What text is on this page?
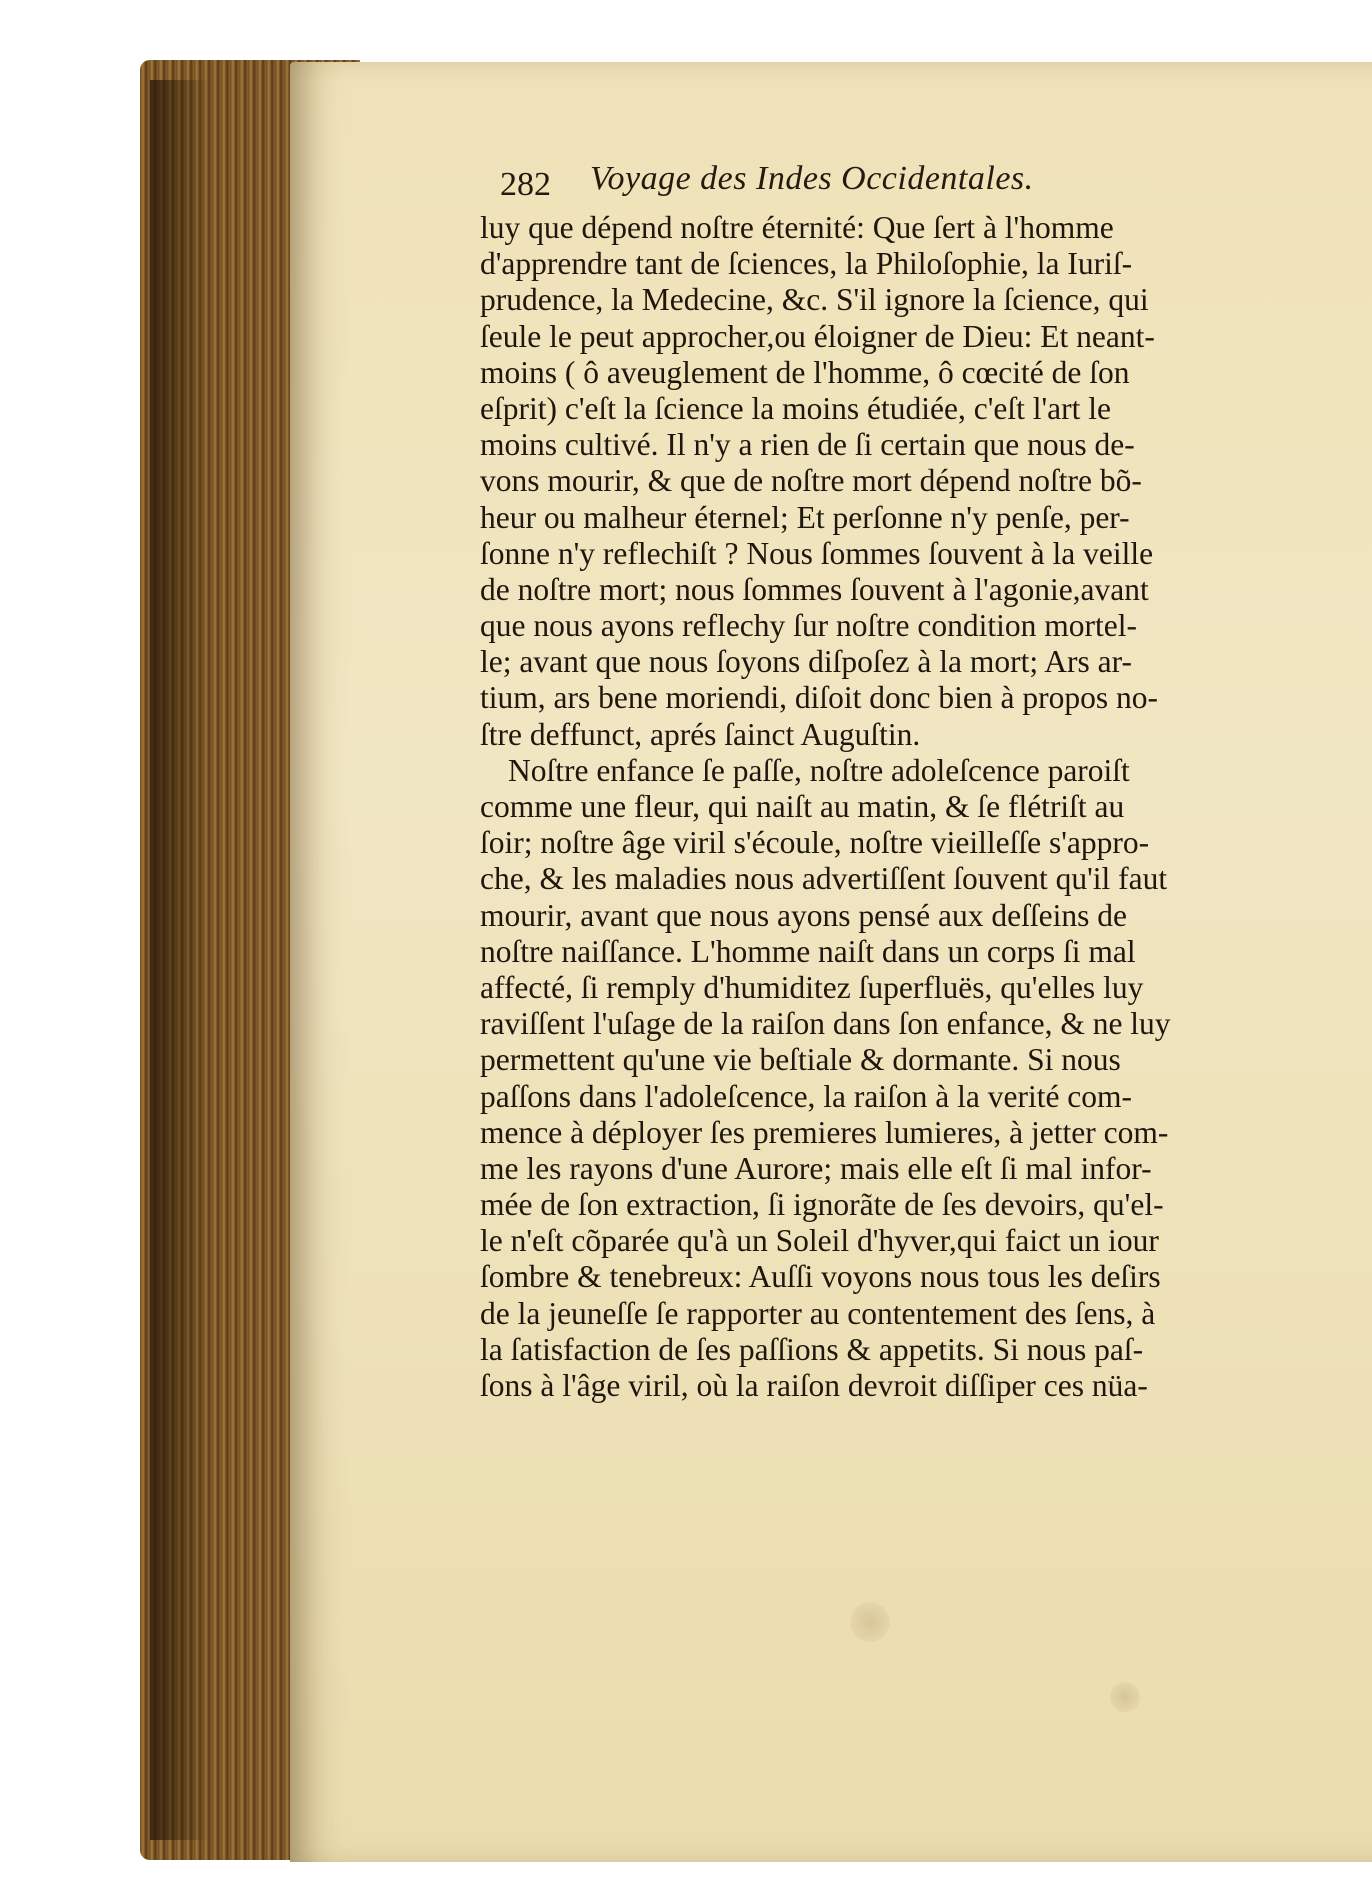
282 Voyage des Indes Occidentales.
luy que dépend noſtre éternité: Que ſert à l'homme
d'apprendre tant de ſciences, la Philoſophie, la Iuriſ-
prudence, la Medecine, &c. S'il ignore la ſcience, qui
ſeule le peut approcher,ou éloigner de Dieu: Et neant-
moins ( ô aveuglement de l'homme, ô cœcité de ſon
eſprit) c'eſt la ſcience la moins étudiée, c'eſt l'art le
moins cultivé. Il n'y a rien de ſi certain que nous de-
vons mourir, & que de noſtre mort dépend noſtre bõ-
heur ou malheur éternel; Et perſonne n'y penſe, per-
ſonne n'y reflechiſt ? Nous ſommes ſouvent à la veille
de noſtre mort; nous ſommes ſouvent à l'agonie,avant
que nous ayons reflechy ſur noſtre condition mortel-
le; avant que nous ſoyons diſpoſez à la mort; Ars ar-
tium, ars bene moriendi, diſoit donc bien à propos no-
ſtre deffunct, aprés ſainct Auguſtin.
Noſtre enfance ſe paſſe, noſtre adoleſcence paroiſt
comme une fleur, qui naiſt au matin, & ſe flétriſt au
ſoir; noſtre âge viril s'écoule, noſtre vieilleſſe s'appro-
che, & les maladies nous advertiſſent ſouvent qu'il faut
mourir, avant que nous ayons pensé aux deſſeins de
noſtre naiſſance. L'homme naiſt dans un corps ſi mal
affecté, ſi remply d'humiditez ſuperfluës, qu'elles luy
raviſſent l'uſage de la raiſon dans ſon enfance, & ne luy
permettent qu'une vie beſtiale & dormante. Si nous
paſſons dans l'adoleſcence, la raiſon à la verité com-
mence à déployer ſes premieres lumieres, à jetter com-
me les rayons d'une Aurore; mais elle eſt ſi mal infor-
mée de ſon extraction, ſi ignorãte de ſes devoirs, qu'el-
le n'eſt cõparée qu'à un Soleil d'hyver,qui faict un iour
ſombre & tenebreux: Auſſi voyons nous tous les deſirs
de la jeuneſſe ſe rapporter au contentement des ſens, à
la ſatisfaction de ſes paſſions & appetits. Si nous paſ-
ſons à l'âge viril, où la raiſon devroit diſſiper ces nüa-
